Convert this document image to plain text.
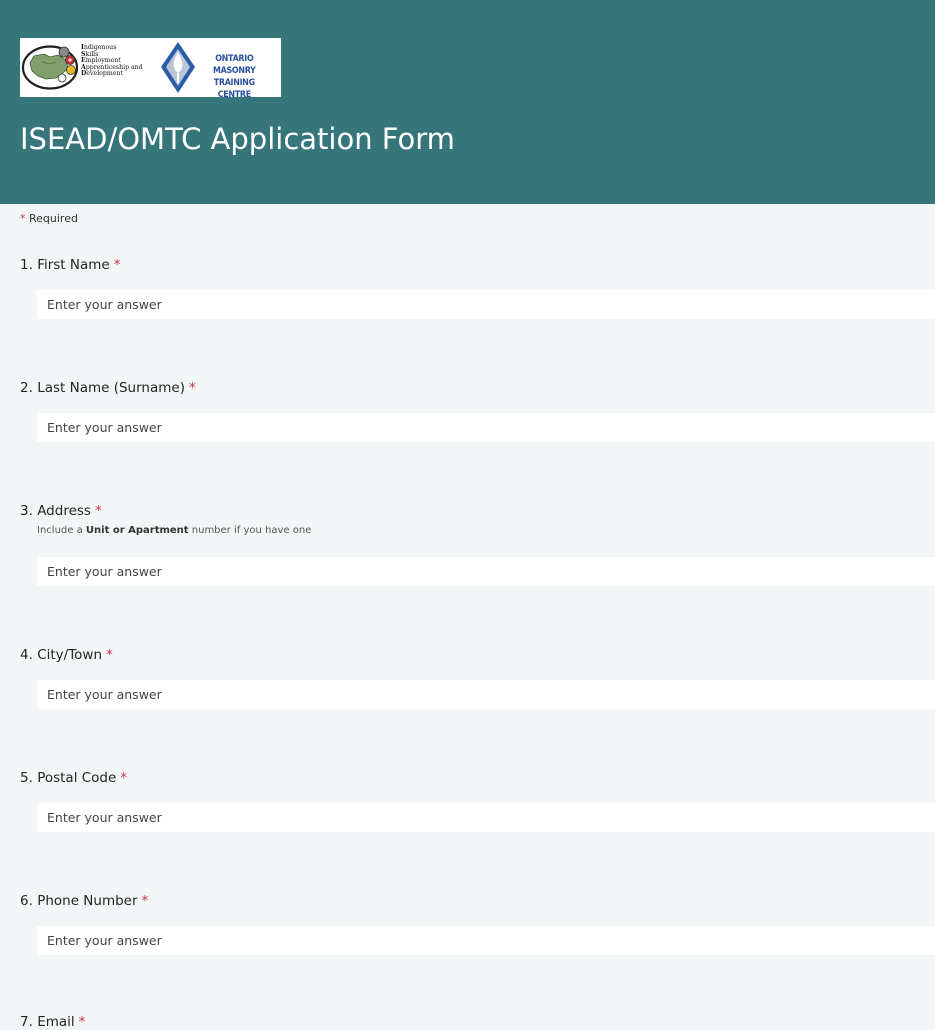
Indigenous
Skills
Employment
Apprenticeship and
Development
ONTARIO MASONRY
TRAINING CENTRE
ISEAD/OMTC Application Form
* Required
1. First Name *
Enter your answer
2. Last Name (Surname) *
Enter your answer
3. Address *
Include a Unit or Apartment number if you have one
Enter your answer
4. City/Town *
Enter your answer
5. Postal Code *
Enter your answer
6. Phone Number *
Enter your answer
7. Email *
